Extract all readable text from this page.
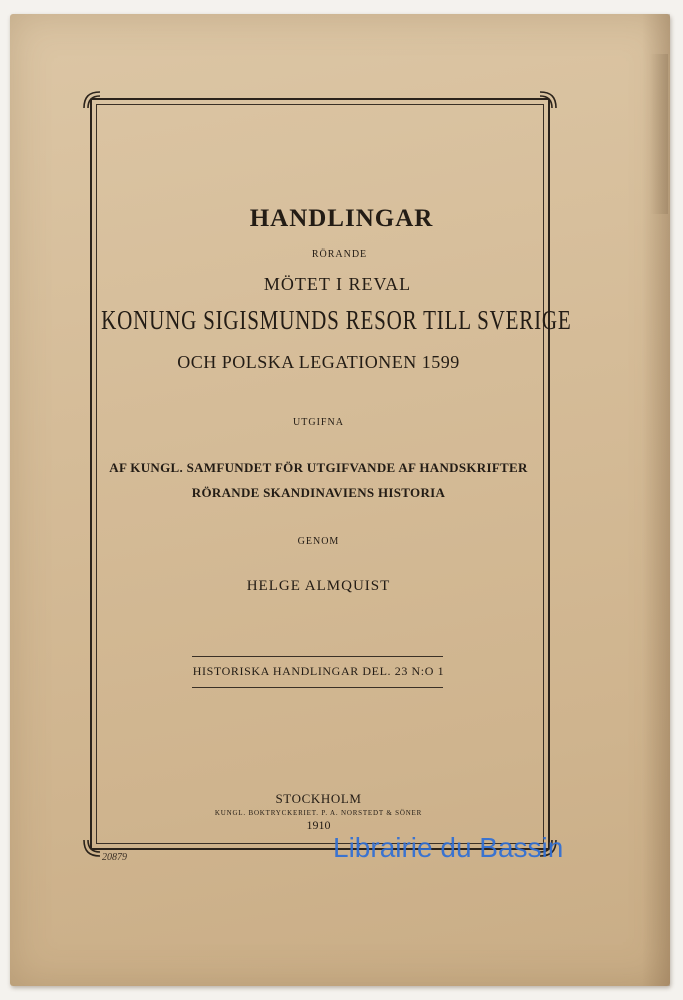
HANDLINGAR
RÖRANDE
MÖTET I REVAL
KONUNG SIGISMUNDS RESOR TILL SVERIGE
OCH POLSKA LEGATIONEN 1599
UTGIFNA
AF KUNGL. SAMFUNDET FÖR UTGIFVANDE AF HANDSKRIFTER
RÖRANDE SKANDINAVIENS HISTORIA
GENOM
HELGE ALMQUIST
HISTORISKA HANDLINGAR DEL. 23 N:O 1
STOCKHOLM
KUNGL. BOKTRYCKERIET. P. A. NORSTEDT & SÖNER
1910
20879	Librairie du Bassin
